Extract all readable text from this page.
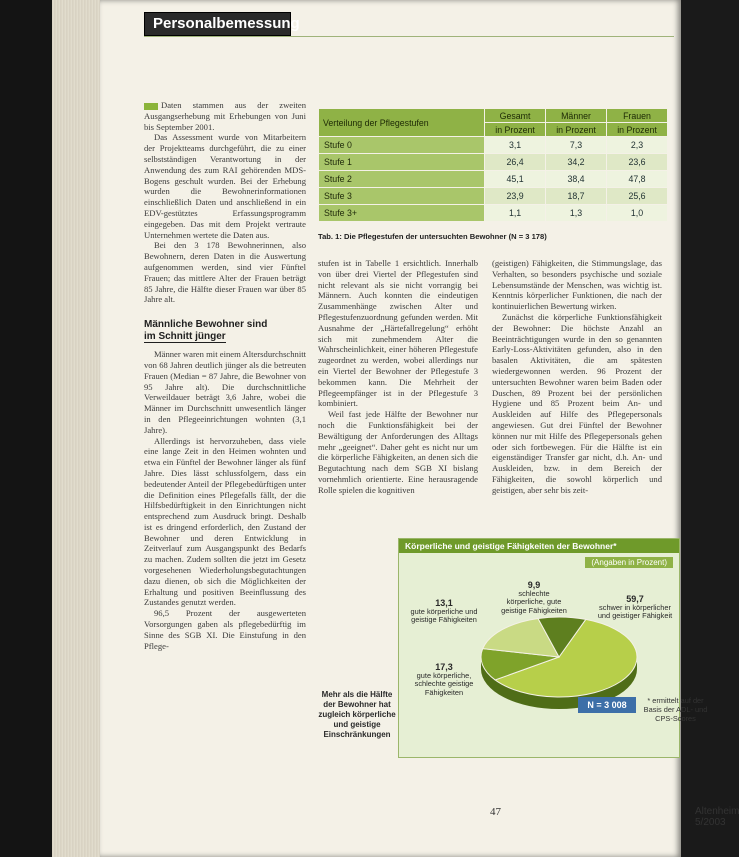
Personalbemessung

Daten stammen aus der zweiten Ausgangserhebung mit Erhebungen von Juni bis September 2001.

Das Assessment wurde von Mitarbeitern der Projektteams durchgeführt, die zu einer selbstständigen Verantwortung in der Anwendung des zum RAI gehörenden MDS-Bogens geschult wurden. Bei der Erhebung wurden die Bewohnerinformationen einschließlich Daten und anschließend in ein EDV-gestütztes Erfassungsprogramm eingegeben. Das mit dem Projekt vertraute Unternehmen wertete die Daten aus.

Bei den 3 178 Bewohnerinnen, also Bewohnern, deren Daten in die Auswertung aufgenommen werden, sind vier Fünftel Frauen; das mittlere Alter der Frauen beträgt 85 Jahre, die Hälfte dieser Frauen war über 85 Jahre alt.

Männliche Bewohner sind
im Schnitt jünger

Männer waren mit einem Altersdurchschnitt von 68 Jahren deutlich jünger als die betreuten Frauen (Median = 87 Jahre, die Bewohner von 95 Jahre alt). Die durchschnittliche Verweildauer beträgt 3,6 Jahre, wobei die Männer im Durchschnitt unwesentlich länger in den Pflegeeinrichtungen wohnten (3,1 Jahre).

Allerdings ist hervorzuheben, dass viele eine lange Zeit in den Heimen wohnten und etwa ein Fünftel der Bewohner länger als fünf Jahre. Dies lässt schlussfolgern, dass ein bedeutender Anteil der Pflegebedürftigen unter die Definition eines Pflegefalls fällt, der die Hilfsbedürftigkeit in den Einrichtungen nicht entsprechend zum Ausdruck bringt. Deshalb ist es dringend erforderlich, den Zustand der Bewohner und deren Entwicklung in Zeitverlauf zum Ausgangspunkt des Bedarfs zu machen. Zudem sollten die jetzt im Gesetz vorgesehenen Wiederholungsbegutachtungen dazu dienen, ob sich die Möglichkeiten der Erhaltung und positiven Beeinflussung des Zustandes genutzt werden.

96,5 Prozent der ausgewerteten Vorsorgungen gaben als pflegebedürftig im Sinne des SGB XI. Die Einstufung in den Pflege-

Verteilung der Pflegestufen	Gesamt	Männer	Frauen
	in Prozent	in Prozent	in Prozent
Stufe 0	3,1	7,3	2,3
Stufe 1	26,4	34,2	23,6
Stufe 2	45,1	38,4	47,8
Stufe 3	23,9	18,7	25,6
Stufe 3+	1,1	1,3	1,0
Tab. 1: Die Pflegestufen der untersuchten Bewohner (N = 3 178)

stufen ist in Tabelle 1 ersichtlich. Innerhalb von über drei Viertel der Pflegestufen sind nicht relevant als sie nicht vorrangig bei Männern. Auch konnten die eindeutigen Zusammenhänge zwischen Alter und Pflegestufenzuordnung gefunden werden. Mit Ausnahme der „Härtefallregelung“ erhöht sich mit zunehmendem Alter die Wahrscheinlichkeit, einer höheren Pflegestufe zugeordnet zu werden, wobei allerdings nur ein Viertel der Bewohner der Pflegestufe 3 bekommen kann. Die Mehrheit der Pflegeempfänger ist in der Pflegestufe 3 kombiniert.

Weil fast jede Hälfte der Bewohner nur noch die Funktionsfähigkeit bei der Bewältigung der Anforderungen des Alltags mehr „geeignet“. Daher geht es nicht nur um die körperliche Fähigkeiten, an denen sich die Begutachtung nach dem SGB XI bislang vornehmlich orientierte. Eine herausragende Rolle spielen die kognitiven

(geistigen) Fähigkeiten, die Stimmungslage, das Verhalten, so besonders psychische und soziale Lebensumstände der Menschen, was wichtig ist. Kenntnis körperlicher Funktionen, die nach der kontinuierlichen Bewertung wirken.

Zunächst die körperliche Funktionsfähigkeit der Bewohner: Die höchste Anzahl an Beeinträchtigungen wurde in den so genannten Early-Loss-Aktivitäten gefunden, also in den basalen Aktivitäten, die am spätesten wiedergewonnen werden. 96 Prozent der untersuchten Bewohner waren beim Baden oder Duschen, 89 Prozent bei der persönlichen Hygiene und 85 Prozent beim An- und Auskleiden auf Hilfe des Pflegepersonals angewiesen. Gut drei Fünftel der Bewohner können nur mit Hilfe des Pflegepersonals gehen oder sich fortbewegen. Für die Hälfte ist ein eigenständiger Transfer gar nicht, d.h. An- und Auskleiden, bzw. in dem Bereich der Fähigkeiten, die sowohl körperlich und geistigen, aber sehr bis zeit-

Körperliche und geistige Fähigkeiten der Bewohner*
(Angaben in Prozent)
9,9
schlechte körperliche, gute geistige Fähigkeiten
59,7
schwer in körperlicher und geistiger Fähigkeit
13,1
gute körperliche und geistige Fähigkeiten
17,3
gute körperliche, schlechte geistige Fähigkeiten
Mehr als die Hälfte der Bewohner hat zugleich körperliche und geistige Einschränkungen
N = 3 008	* ermittelt auf der Basis der ADL- und CPS-Scores
47	Altenheim 5/2003
